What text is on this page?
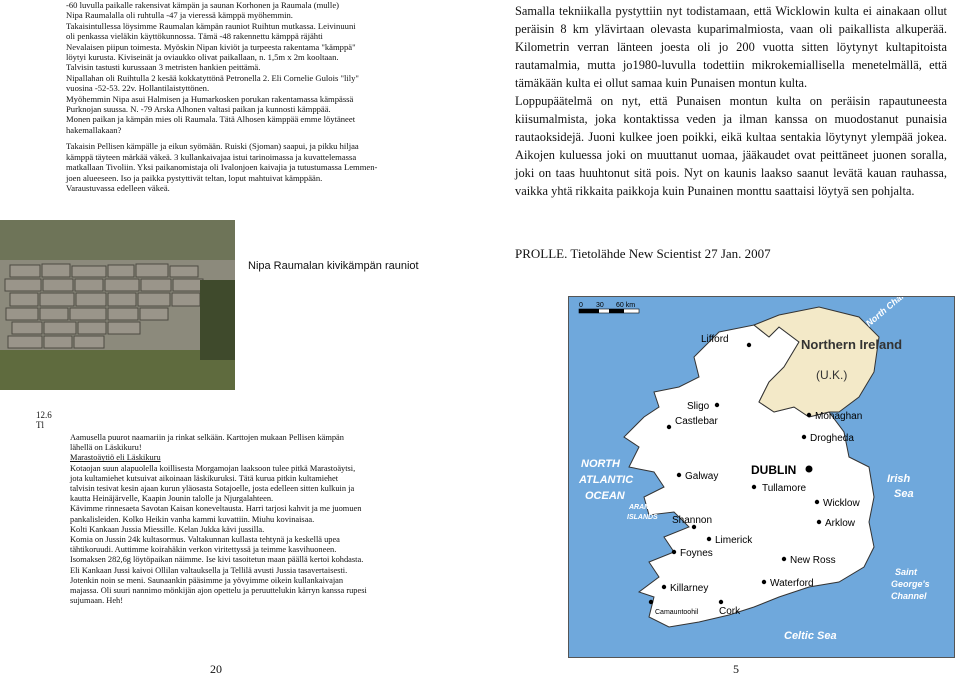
-60 luvulla paikalle rakensivat kämpän ja saunan Korhonen ja Raumala (mulle)

Nipa Raumalalla oli ruhtulla -47 ja vieressä kämppä myöhemmin.

Takaisintullessa löysimme Raumalan kämpän rauniot Ruihtun mutkassa. Leivinuuni

oli penkassa vieläkin käyttökunnossa. Tämä -48 rakennettu kämppä räjähti

Nevalaisen piipun toimesta. Myöskin Nipan kiviöt ja turpeesta rakentama "kämppä"

löytyi kurusta. Kiviseinät ja oviaukko olivat paikallaan, n. 1,5m x 2m kooltaan.

Talvisin tastusti kurussaan 3 metristen hankien peittämä.

Nipallahan oli Ruihtulla 2 kesää kokkatyttönä Petronella 2. Eli Cornelie Gulois "lily"

vuosina -52-53. 22v. Hollantilaistyttönen.

Myöhemmin Nipa asui Halmisen ja Humarkosken porukan rakentamassa kämpässä

Purknojan suussa. N. -79 Arska Alhonen valtasi paikan ja kunnosti kämppää.

Monen paikan ja kämpän mies oli Raumala. Tätä Alhosen kämppää emme löytäneet

hakemallakaan?

Takaisin Pellisen kämpälle ja eikun syömään. Ruiski (Sjoman) saapui, ja pikku hiljaa

kämppä täyteen märkää väkeä. 3 kullankaivajaa istui tarinoimassa ja kuvattelemassa

matkallaan Tivoliin. Yksi paikanomistaja oli Ivalonjoen kaivajia ja tutustumassa Lemmen-

joen alueeseen. Iso ja paikka pystyttivät teltan, loput mahtuivat kämppään.

Varaustuvassa edelleen väkeä.

Nipa Raumalan kivikämpän rauniot
12.6
Tl

Aamusella puurot naamariin ja rinkat selkään. Karttojen mukaan Pellisen kämpän

lähellä on Läskikuru!

Marastoäytiö eli Läskikuru

Kotaojan suun alapuolella koillisesta Morgamojan laaksoon tulee pitkä Marastoäytsi,

jota kultamiehet kutsuivat aikoinaan läskikuruksi. Tätä kurua pitkin kultamiehet

talvisin tesivat kesin ajaan kurun yläosasta Sotajoelle, josta edelleen sitten kulkuin ja

kautta Heinäjärvelle, Kaapin Jounin talolle ja Njurgalahteen.

Kävimme rinnesaeta Savotan Kaisan koneveltausta. Harri tarjosi kahvit ja me juomuen

pankalisleiden. Kolko Heikin vanha kammi kuvattiin. Miuhu kovinaisaa.

Kolti Kankaan Jussia Miessille. Kelan Jukka kävi jussilla.

Komia on Jussin 24k kultasormus. Valtakunnan kullasta tehtynä ja keskellä upea

tähtikoruudi. Auttimme koirahäkin verkon viritettyssä ja teimme kasvihuoneen.

Isomaksen 282,6g löytöpaikan näimme. Ise kivi tasoitetun maan päällä kertoi kohdasta.

Eli Kankaan Jussi kaivoi Ollilan valtauksella ja Tellilä avusti Jussia tasavertaisesti.

Jotenkin noin se meni. Saunaankin pääsimme ja yövyimme oikein kullankaivajan

majassa. Oli suuri nannimo mönkijän ajon opettelu ja peruuttelukin kärryn kanssa rupesi

sujumaan. Heh!

20

Samalla tekniikalla pystyttiin nyt todistamaan, että Wicklowin kulta ei ainakaan ollut peräisin 8 km ylävirtaan olevasta kuparimalmiosta, vaan oli paikallista alkuperää. Kilometrin verran länteen joesta oli jo 200 vuotta sitten löytynyt kultapitoista rautamalmia, mutta jo1980-luvulla todettiin mikrokemiallisella menetelmällä, että tämäkään kulta ei ollut samaa kuin Punaisen montun kulta.

Loppupäätelmä on nyt, että Punaisen montun kulta on peräisin rapautuneesta kiisumalmista, joka kontaktissa veden ja ilman kanssa on muodostanut punaisia rautaoksidejä. Juoni kulkee joen poikki, eikä kultaa sentakia löytynyt ylempää jokea. Aikojen kuluessa joki on muuttanut uomaa, jääkaudet ovat peittäneet juonen soralla, joki on taas huuhtonut sitä pois. Nyt on kaunis laakso saanut levätä kauan rauhassa, vaikka yhtä rikkaita paikkoja kuin Punainen monttu saattaisi löytyä sen pohjalta.

PROLLE. Tietolähde New Scientist 27 Jan. 2007
0 30 60 km
Northern Ireland
(U.K.)
NORTH
ATLANTIC
OCEAN
Irish
Sea
Celtic Sea
Saint
George's
Channel
ARAN
ISLANDS
Lifford
Sligo
Monaghan
Castlebar
Drogheda
DUBLIN
Galway
Tullamore
Wicklow
Arklow
Shannon
Limerick
Foynes
New Ross
Killarney	Waterford
Cork
Camauntoohil
5
